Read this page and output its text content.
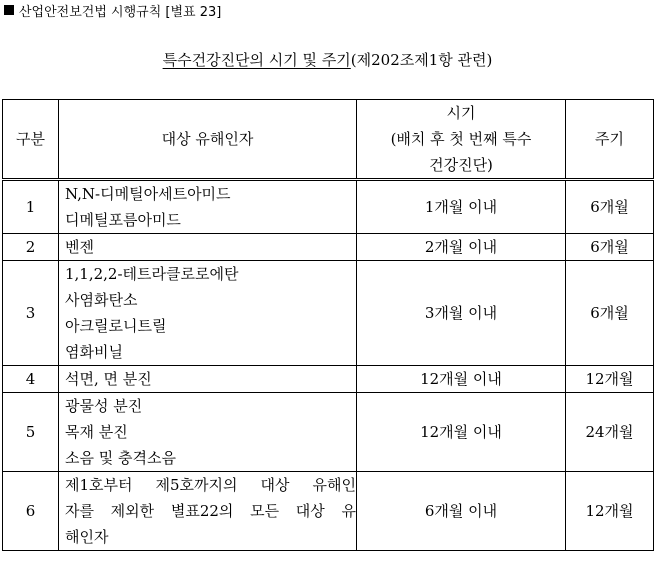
산업안전보건법 시행규칙 [별표 23]
특수건강진단의 시기 및 주기(제202조제1항 관련)
구분	대상 유해인자	시기
(배치 후 첫 번째 특수
건강진단)	주기
1	N,N-디메틸아세트아미드
디메틸포름아미드	1개월 이내	6개월
2	벤젠	2개월 이내	6개월
3	1,1,2,2-테트라클로로에탄
사염화탄소
아크릴로니트릴
염화비닐	3개월 이내	6개월
4	석면, 면 분진	12개월 이내	12개월
5	광물성 분진
목재 분진
소음 및 충격소음	12개월 이내	24개월
6	제1호부터 제5호까지의 대상 유해인
자를 제외한 별표22의 모든 대상 유
해인자	6개월 이내	12개월
